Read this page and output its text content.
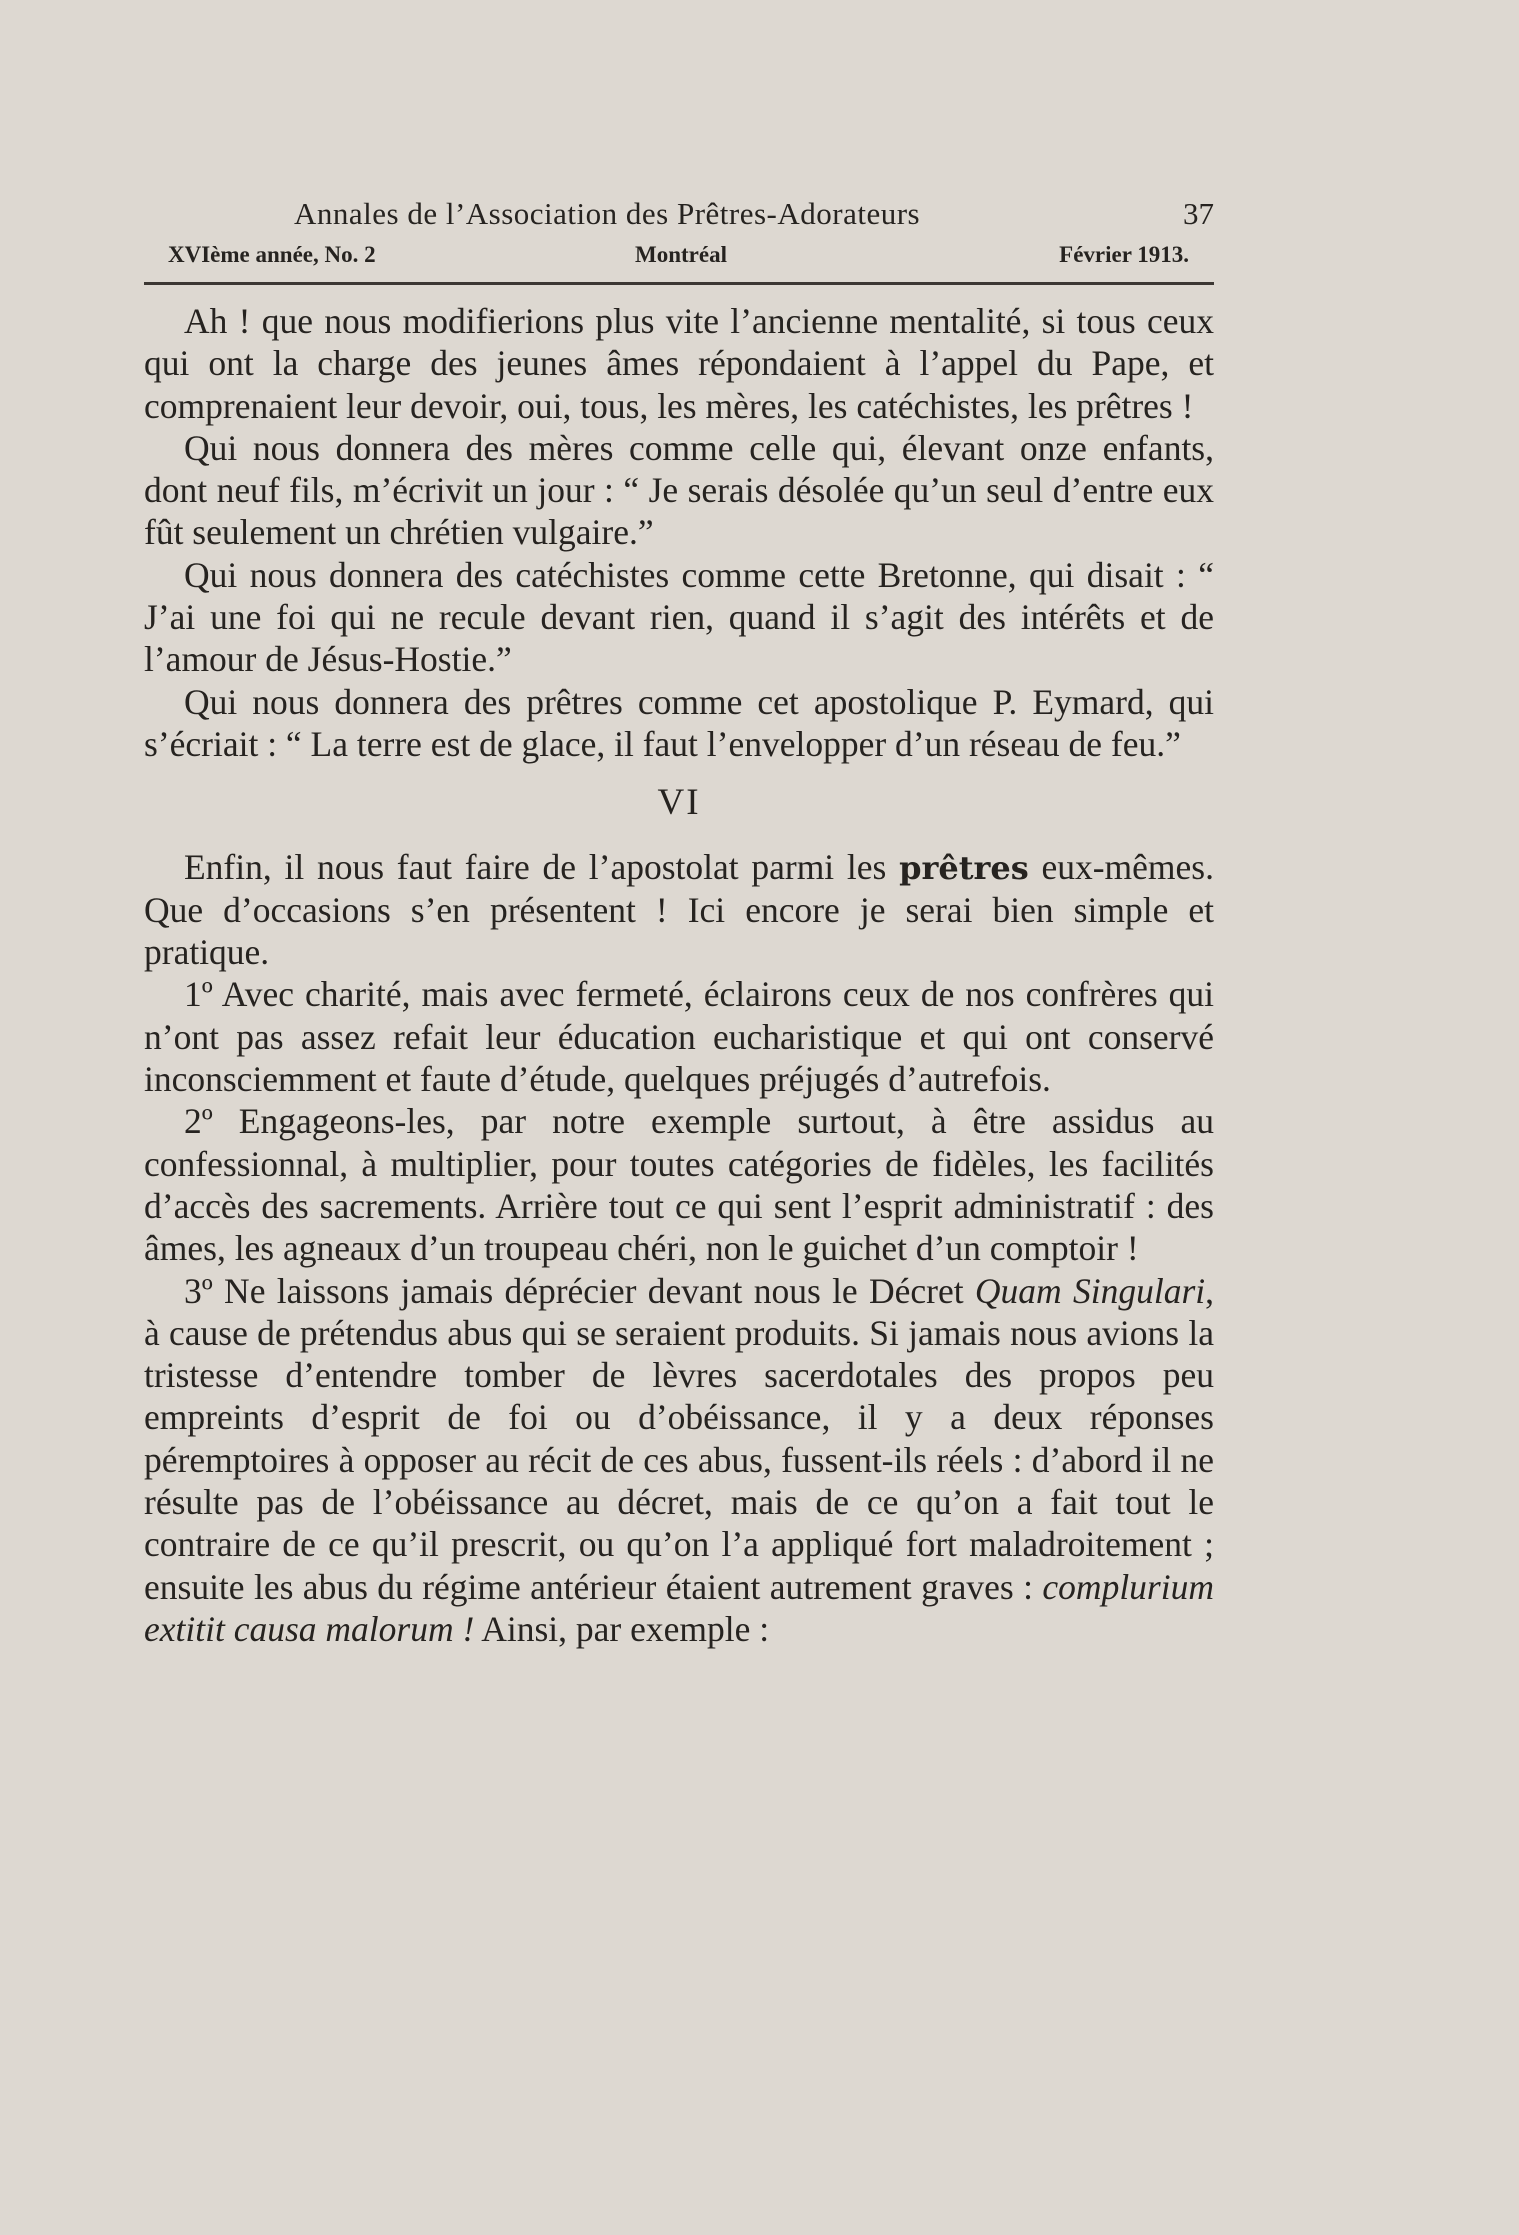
Annales de l’Association des Prêtres-Adorateurs	37
XVIème année, No. 2	Montréal	Février 1913.

Ah ! que nous modifierions plus vite l’ancienne mentalité, si tous ceux qui ont la charge des jeunes âmes répondaient à l’appel du Pape, et comprenaient leur devoir, oui, tous, les mères, les catéchistes, les prêtres !

Qui nous donnera des mères comme celle qui, élevant onze enfants, dont neuf fils, m’écrivit un jour : “ Je serais désolée qu’un seul d’entre eux fût seulement un chrétien vulgaire.”

Qui nous donnera des catéchistes comme cette Bretonne, qui disait : “ J’ai une foi qui ne recule devant rien, quand il s’agit des intérêts et de l’amour de Jésus-Hostie.”

Qui nous donnera des prêtres comme cet apostolique P. Eymard, qui s’écriait : “ La terre est de glace, il faut l’envelopper d’un réseau de feu.”

VI

Enfin, il nous faut faire de l’apostolat parmi les prêtres eux-mêmes. Que d’occasions s’en présentent ! Ici encore je serai bien simple et pratique.

1º Avec charité, mais avec fermeté, éclairons ceux de nos confrères qui n’ont pas assez refait leur éducation eucharistique et qui ont conservé inconsciemment et faute d’étude, quelques préjugés d’autrefois.

2º Engageons-les, par notre exemple surtout, à être assidus au confessionnal, à multiplier, pour toutes catégories de fidèles, les facilités d’accès des sacrements. Arrière tout ce qui sent l’esprit administratif : des âmes, les agneaux d’un troupeau chéri, non le guichet d’un comptoir !

3º Ne laissons jamais déprécier devant nous le Décret Quam Singulari, à cause de prétendus abus qui se seraient produits. Si jamais nous avions la tristesse d’entendre tomber de lèvres sacerdotales des propos peu empreints d’esprit de foi ou d’obéissance, il y a deux réponses péremptoires à opposer au récit de ces abus, fussent-ils réels : d’abord il ne résulte pas de l’obéissance au décret, mais de ce qu’on a fait tout le contraire de ce qu’il prescrit, ou qu’on l’a appliqué fort maladroitement ; ensuite les abus du régime antérieur étaient autrement graves : complurium extitit causa malorum ! Ainsi, par exemple :
